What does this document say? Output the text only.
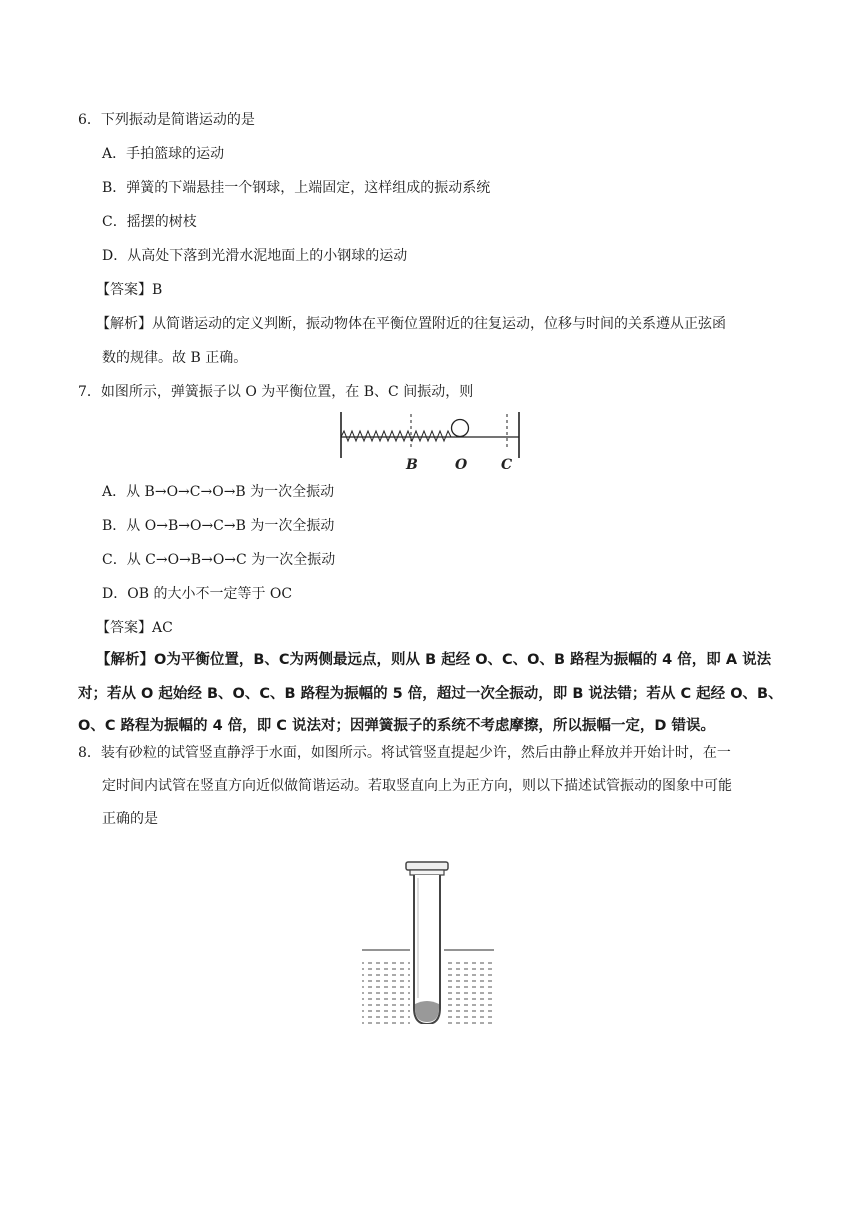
6．下列振动是简谐运动的是
A．手拍篮球的运动
B．弹簧的下端悬挂一个钢球，上端固定，这样组成的振动系统
C．摇摆的树枝
D．从高处下落到光滑水泥地面上的小钢球的运动
【答案】B
【解析】从简谐运动的定义判断，振动物体在平衡位置附近的往复运动，位移与时间的关系遵从正弦函
数的规律。故 B 正确。
7．如图所示，弹簧振子以 O 为平衡位置，在 B、C 间振动，则
B	O C
A．从 B→O→C→O→B 为一次全振动
B．从 O→B→O→C→B 为一次全振动
C．从 C→O→B→O→C 为一次全振动
D．OB 的大小不一定等于 OC
【答案】AC
【解析】O为平衡位置，B、C为两侧最远点，则从 B 起经 O、C、O、B 路程为振幅的 4 倍，即 A 说法
对；若从 O 起始经 B、O、C、B 路程为振幅的 5 倍，超过一次全振动，即 B 说法错；若从 C 起经 O、B、
O、C 路程为振幅的 4 倍，即 C 说法对；因弹簧振子的系统不考虑摩擦，所以振幅一定，D 错误。
8．装有砂粒的试管竖直静浮于水面，如图所示。将试管竖直提起少许，然后由静止释放并开始计时，在一
定时间内试管在竖直方向近似做简谐运动。若取竖直向上为正方向，则以下描述试管振动的图象中可能
正确的是
